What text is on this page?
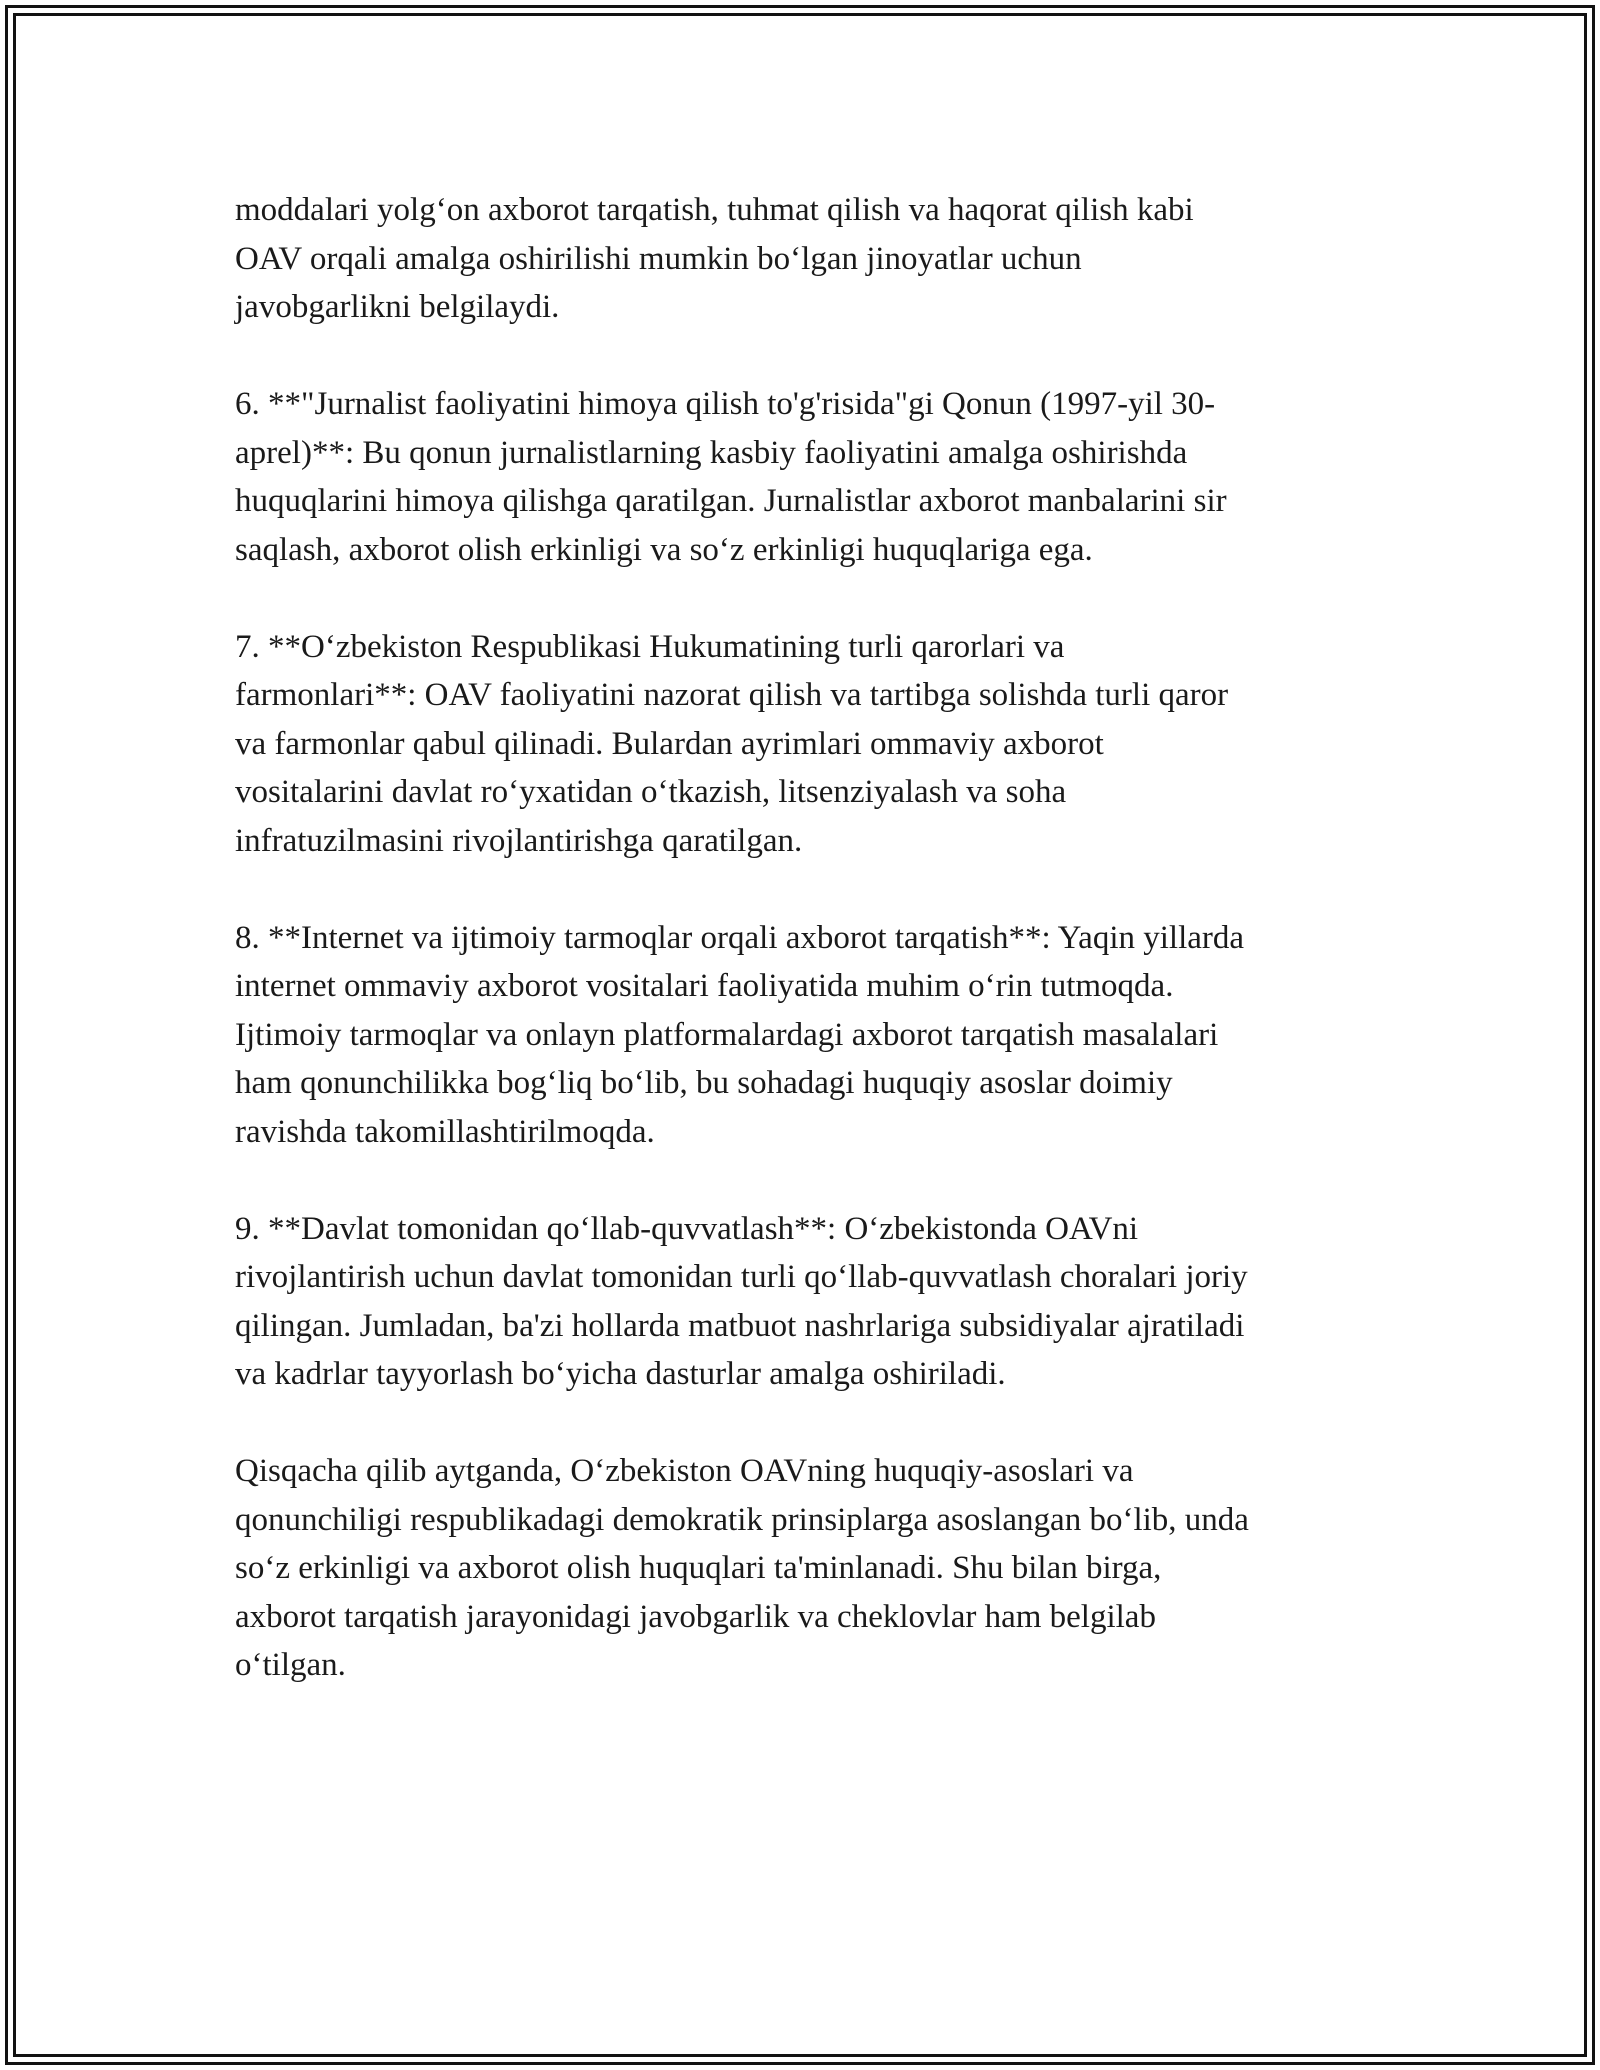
moddalari yolg‘on axborot tarqatish, tuhmat qilish va haqorat qilish kabi
OAV orqali amalga oshirilishi mumkin bo‘lgan jinoyatlar uchun
javobgarlikni belgilaydi.

6. **"Jurnalist faoliyatini himoya qilish to'g'risida"gi Qonun (1997-yil 30-
aprel)**: Bu qonun jurnalistlarning kasbiy faoliyatini amalga oshirishda
huquqlarini himoya qilishga qaratilgan. Jurnalistlar axborot manbalarini sir
saqlash, axborot olish erkinligi va so‘z erkinligi huquqlariga ega.

7. **O‘zbekiston Respublikasi Hukumatining turli qarorlari va
farmonlari**: OAV faoliyatini nazorat qilish va tartibga solishda turli qaror
va farmonlar qabul qilinadi. Bulardan ayrimlari ommaviy axborot
vositalarini davlat ro‘yxatidan o‘tkazish, litsenziyalash va soha
infratuzilmasini rivojlantirishga qaratilgan.

8. **Internet va ijtimoiy tarmoqlar orqali axborot tarqatish**: Yaqin yillarda
internet ommaviy axborot vositalari faoliyatida muhim o‘rin tutmoqda.
Ijtimoiy tarmoqlar va onlayn platformalardagi axborot tarqatish masalalari
ham qonunchilikka bog‘liq bo‘lib, bu sohadagi huquqiy asoslar doimiy
ravishda takomillashtirilmoqda.

9. **Davlat tomonidan qo‘llab-quvvatlash**: O‘zbekistonda OAVni
rivojlantirish uchun davlat tomonidan turli qo‘llab-quvvatlash choralari joriy
qilingan. Jumladan, ba'zi hollarda matbuot nashrlariga subsidiyalar ajratiladi
va kadrlar tayyorlash bo‘yicha dasturlar amalga oshiriladi.

Qisqacha qilib aytganda, O‘zbekiston OAVning huquqiy-asoslari va
qonunchiligi respublikadagi demokratik prinsiplarga asoslangan bo‘lib, unda
so‘z erkinligi va axborot olish huquqlari ta'minlanadi. Shu bilan birga,
axborot tarqatish jarayonidagi javobgarlik va cheklovlar ham belgilab
o‘tilgan.
